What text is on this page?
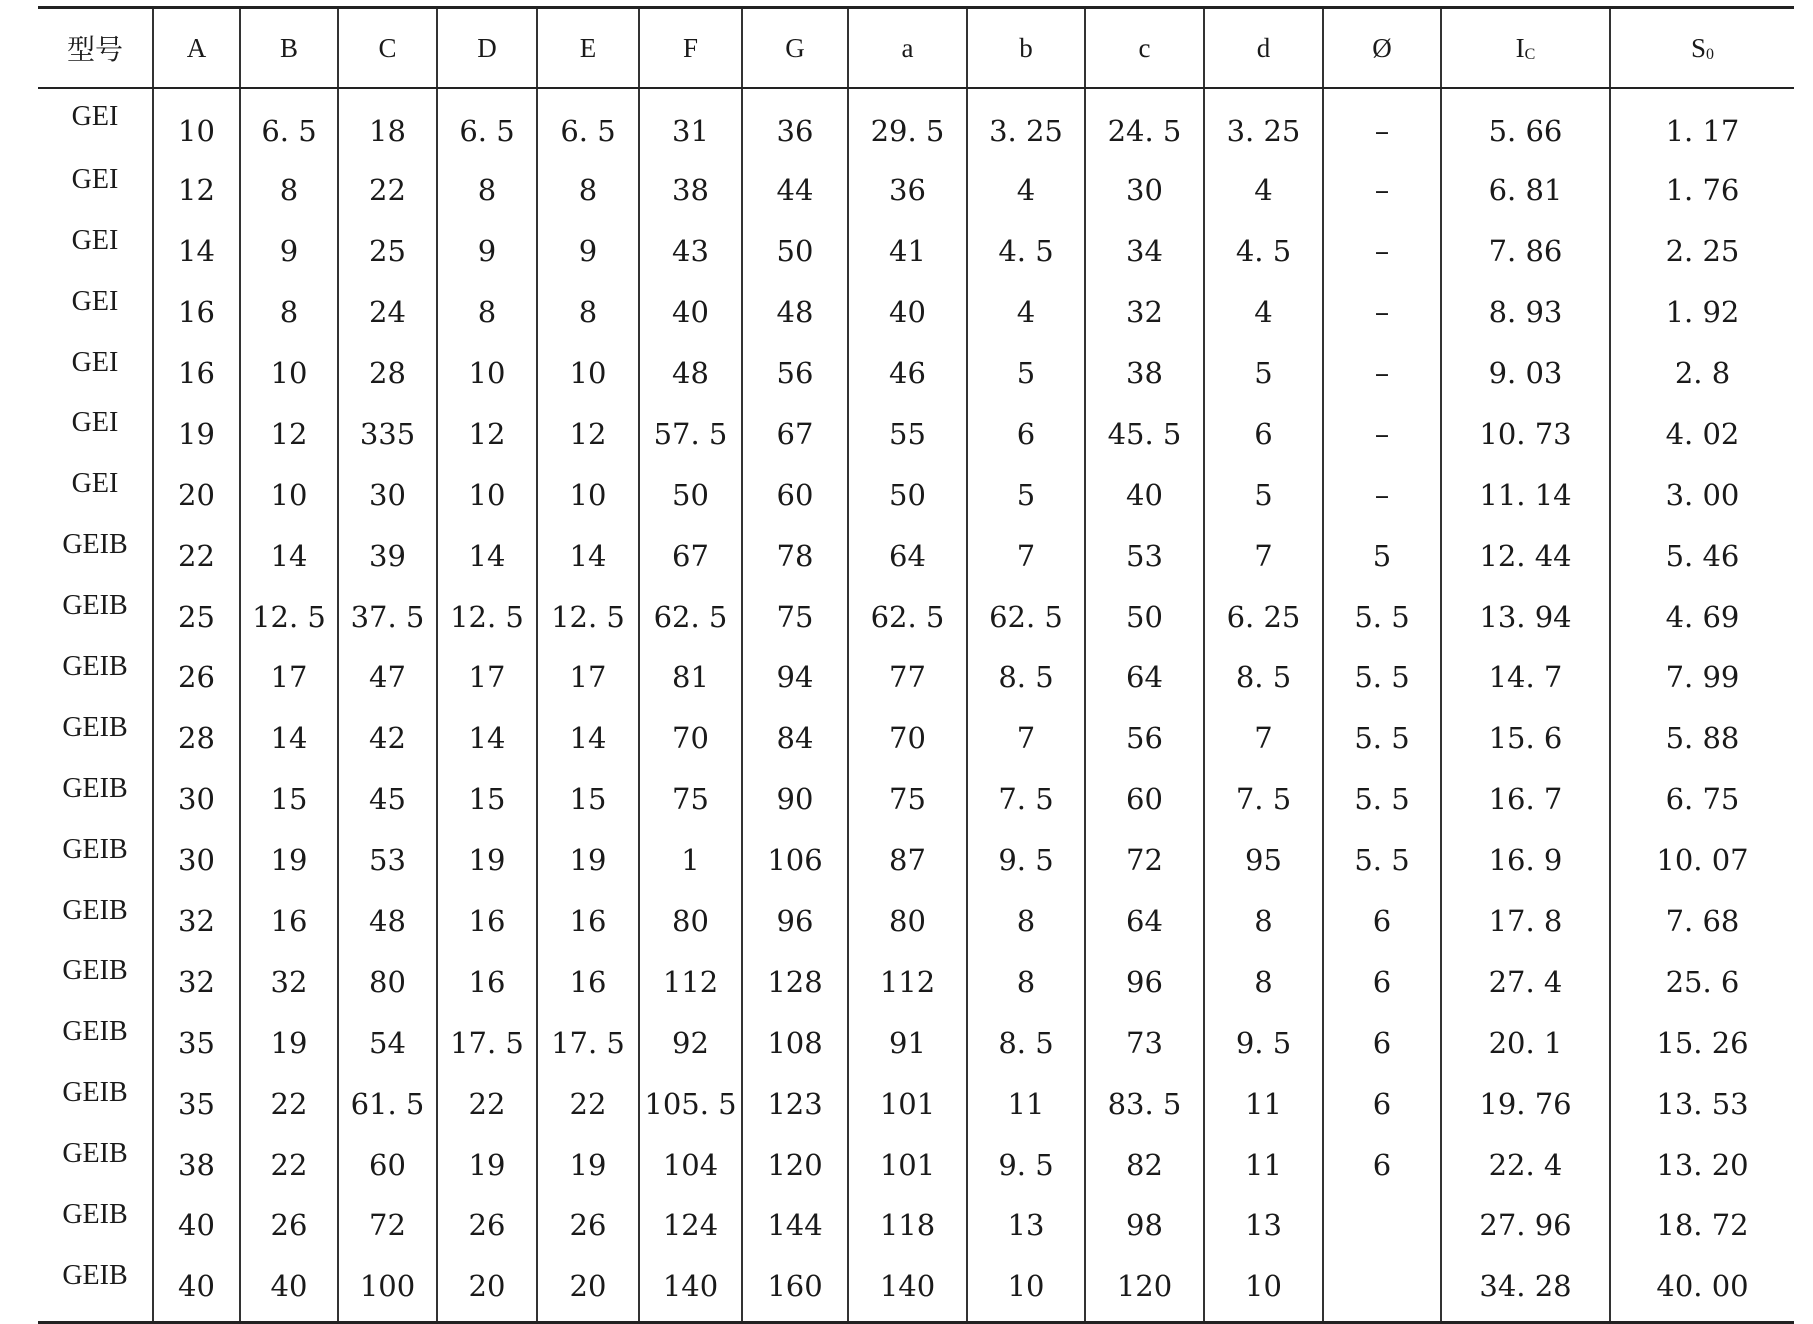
型号	A	B	C	D	E	F	G	a	b	c	d	Ø	IC	S0
GEI	10	6. 5	18	6. 5	6. 5	31	36	29. 5	3. 25	24. 5	3. 25	–	5. 66	1. 17
GEI	12	8	22	8	8	38	44	36	4	30	4	–	6. 81	1. 76
GEI	14	9	25	9	9	43	50	41	4. 5	34	4. 5	–	7. 86	2. 25
GEI	16	8	24	8	8	40	48	40	4	32	4	–	8. 93	1. 92
GEI	16	10	28	10	10	48	56	46	5	38	5	–	9. 03	2. 8
GEI	19	12	335	12	12	57. 5	67	55	6	45. 5	6	–	10. 73	4. 02
GEI	20	10	30	10	10	50	60	50	5	40	5	–	11. 14	3. 00
GEIB	22	14	39	14	14	67	78	64	7	53	7	5	12. 44	5. 46
GEIB	25	12. 5	37. 5	12. 5	12. 5	62. 5	75	62. 5	62. 5	50	6. 25	5. 5	13. 94	4. 69
GEIB	26	17	47	17	17	81	94	77	8. 5	64	8. 5	5. 5	14. 7	7. 99
GEIB	28	14	42	14	14	70	84	70	7	56	7	5. 5	15. 6	5. 88
GEIB	30	15	45	15	15	75	90	75	7. 5	60	7. 5	5. 5	16. 7	6. 75
GEIB	30	19	53	19	19	1	106	87	9. 5	72	95	5. 5	16. 9	10. 07
GEIB	32	16	48	16	16	80	96	80	8	64	8	6	17. 8	7. 68
GEIB	32	32	80	16	16	112	128	112	8	96	8	6	27. 4	25. 6
GEIB	35	19	54	17. 5	17. 5	92	108	91	8. 5	73	9. 5	6	20. 1	15. 26
GEIB	35	22	61. 5	22	22	105. 5	123	101	11	83. 5	11	6	19. 76	13. 53
GEIB	38	22	60	19	19	104	120	101	9. 5	82	11	6	22. 4	13. 20
GEIB	40	26	72	26	26	124	144	118	13	98	13		27. 96	18. 72
GEIB	40	40	100	20	20	140	160	140	10	120	10		34. 28	40. 00
